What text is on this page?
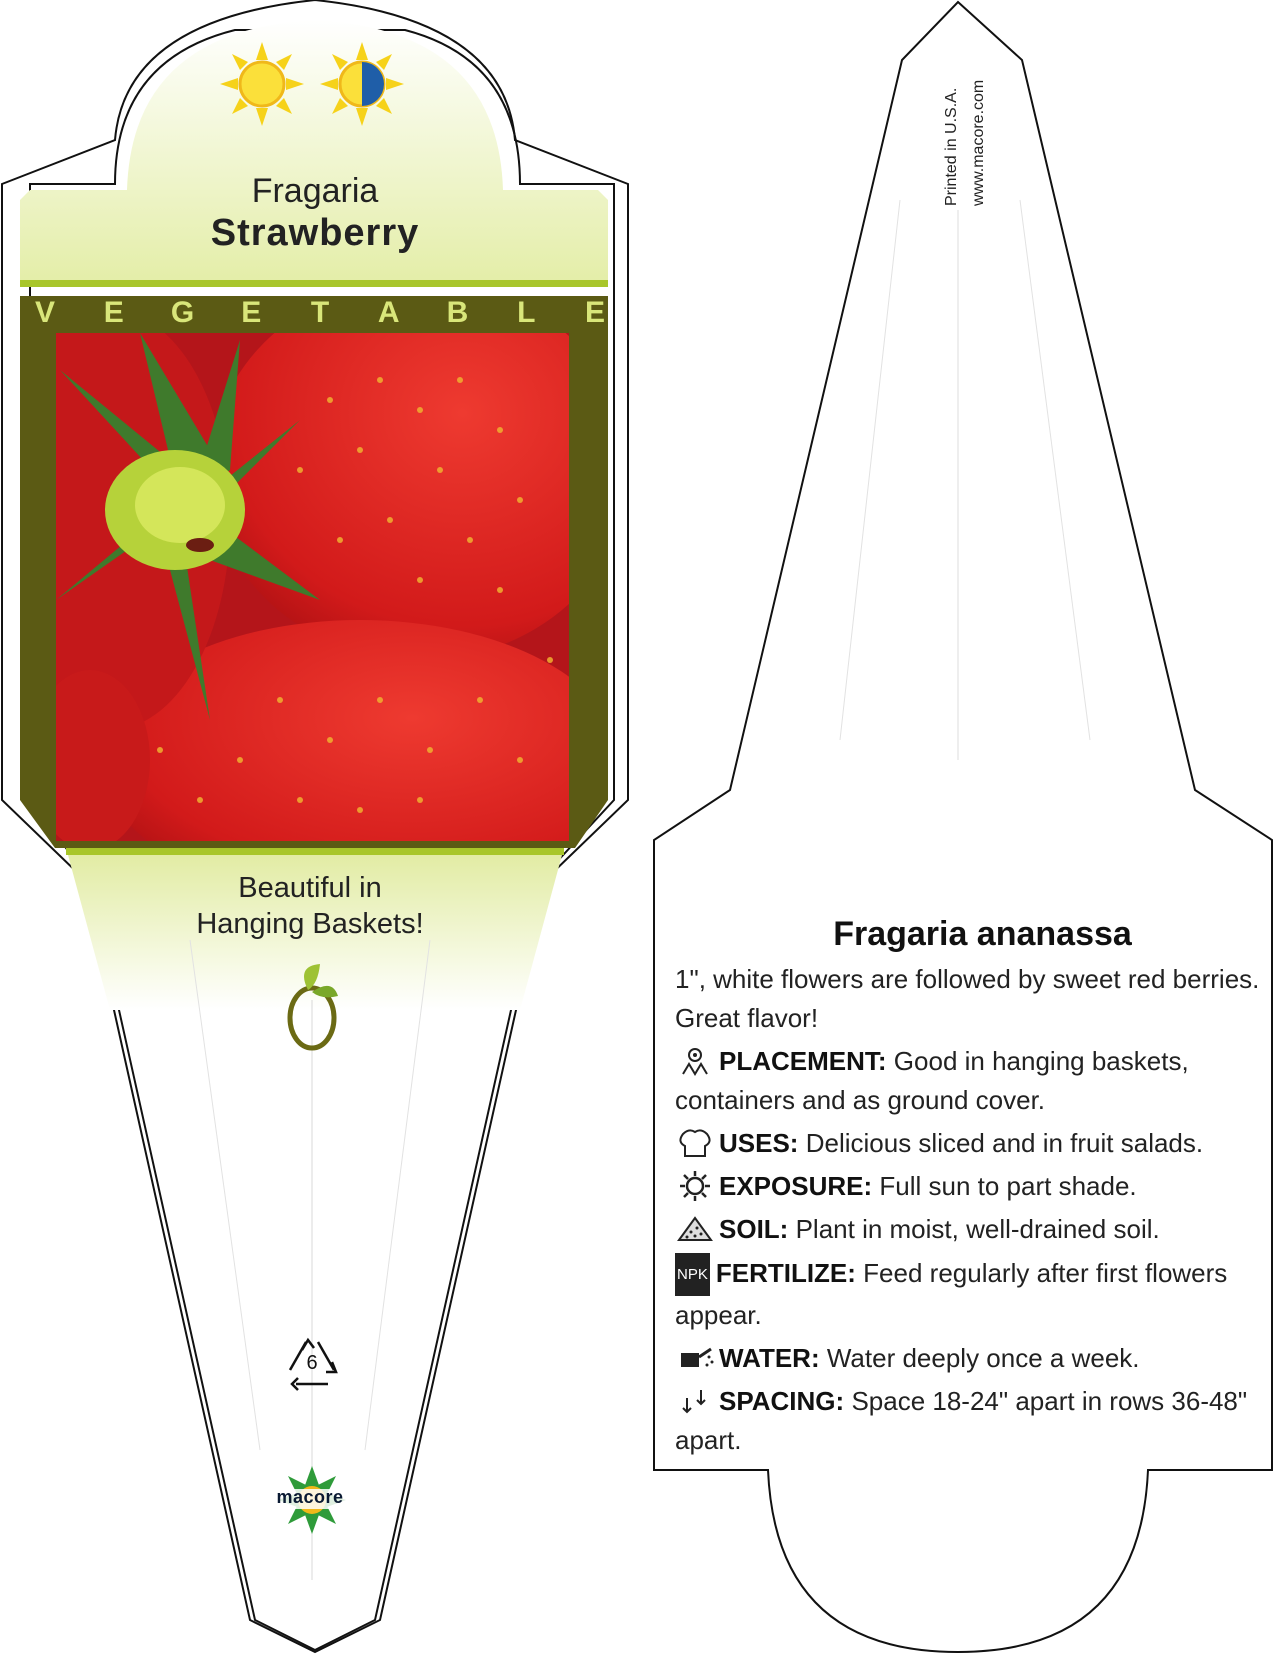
Fragaria
Strawberry
V E G E T A B L E
Beautiful in
Hanging Baskets!
6
macore
Printed in U.S.A. www.macore.com
Fragaria ananassa

1", white flowers are followed by sweet red berries. Great flavor!

PLACEMENT: Good in hanging baskets, containers and as ground cover.

USES: Delicious sliced and in fruit salads.

EXPOSURE: Full sun to part shade.

SOIL: Plant in moist, well-drained soil.

NPK FERTILIZE: Feed regularly after first flowers appear.

WATER: Water deeply once a week.

SPACING: Space 18-24" apart in rows 36-48" apart.
